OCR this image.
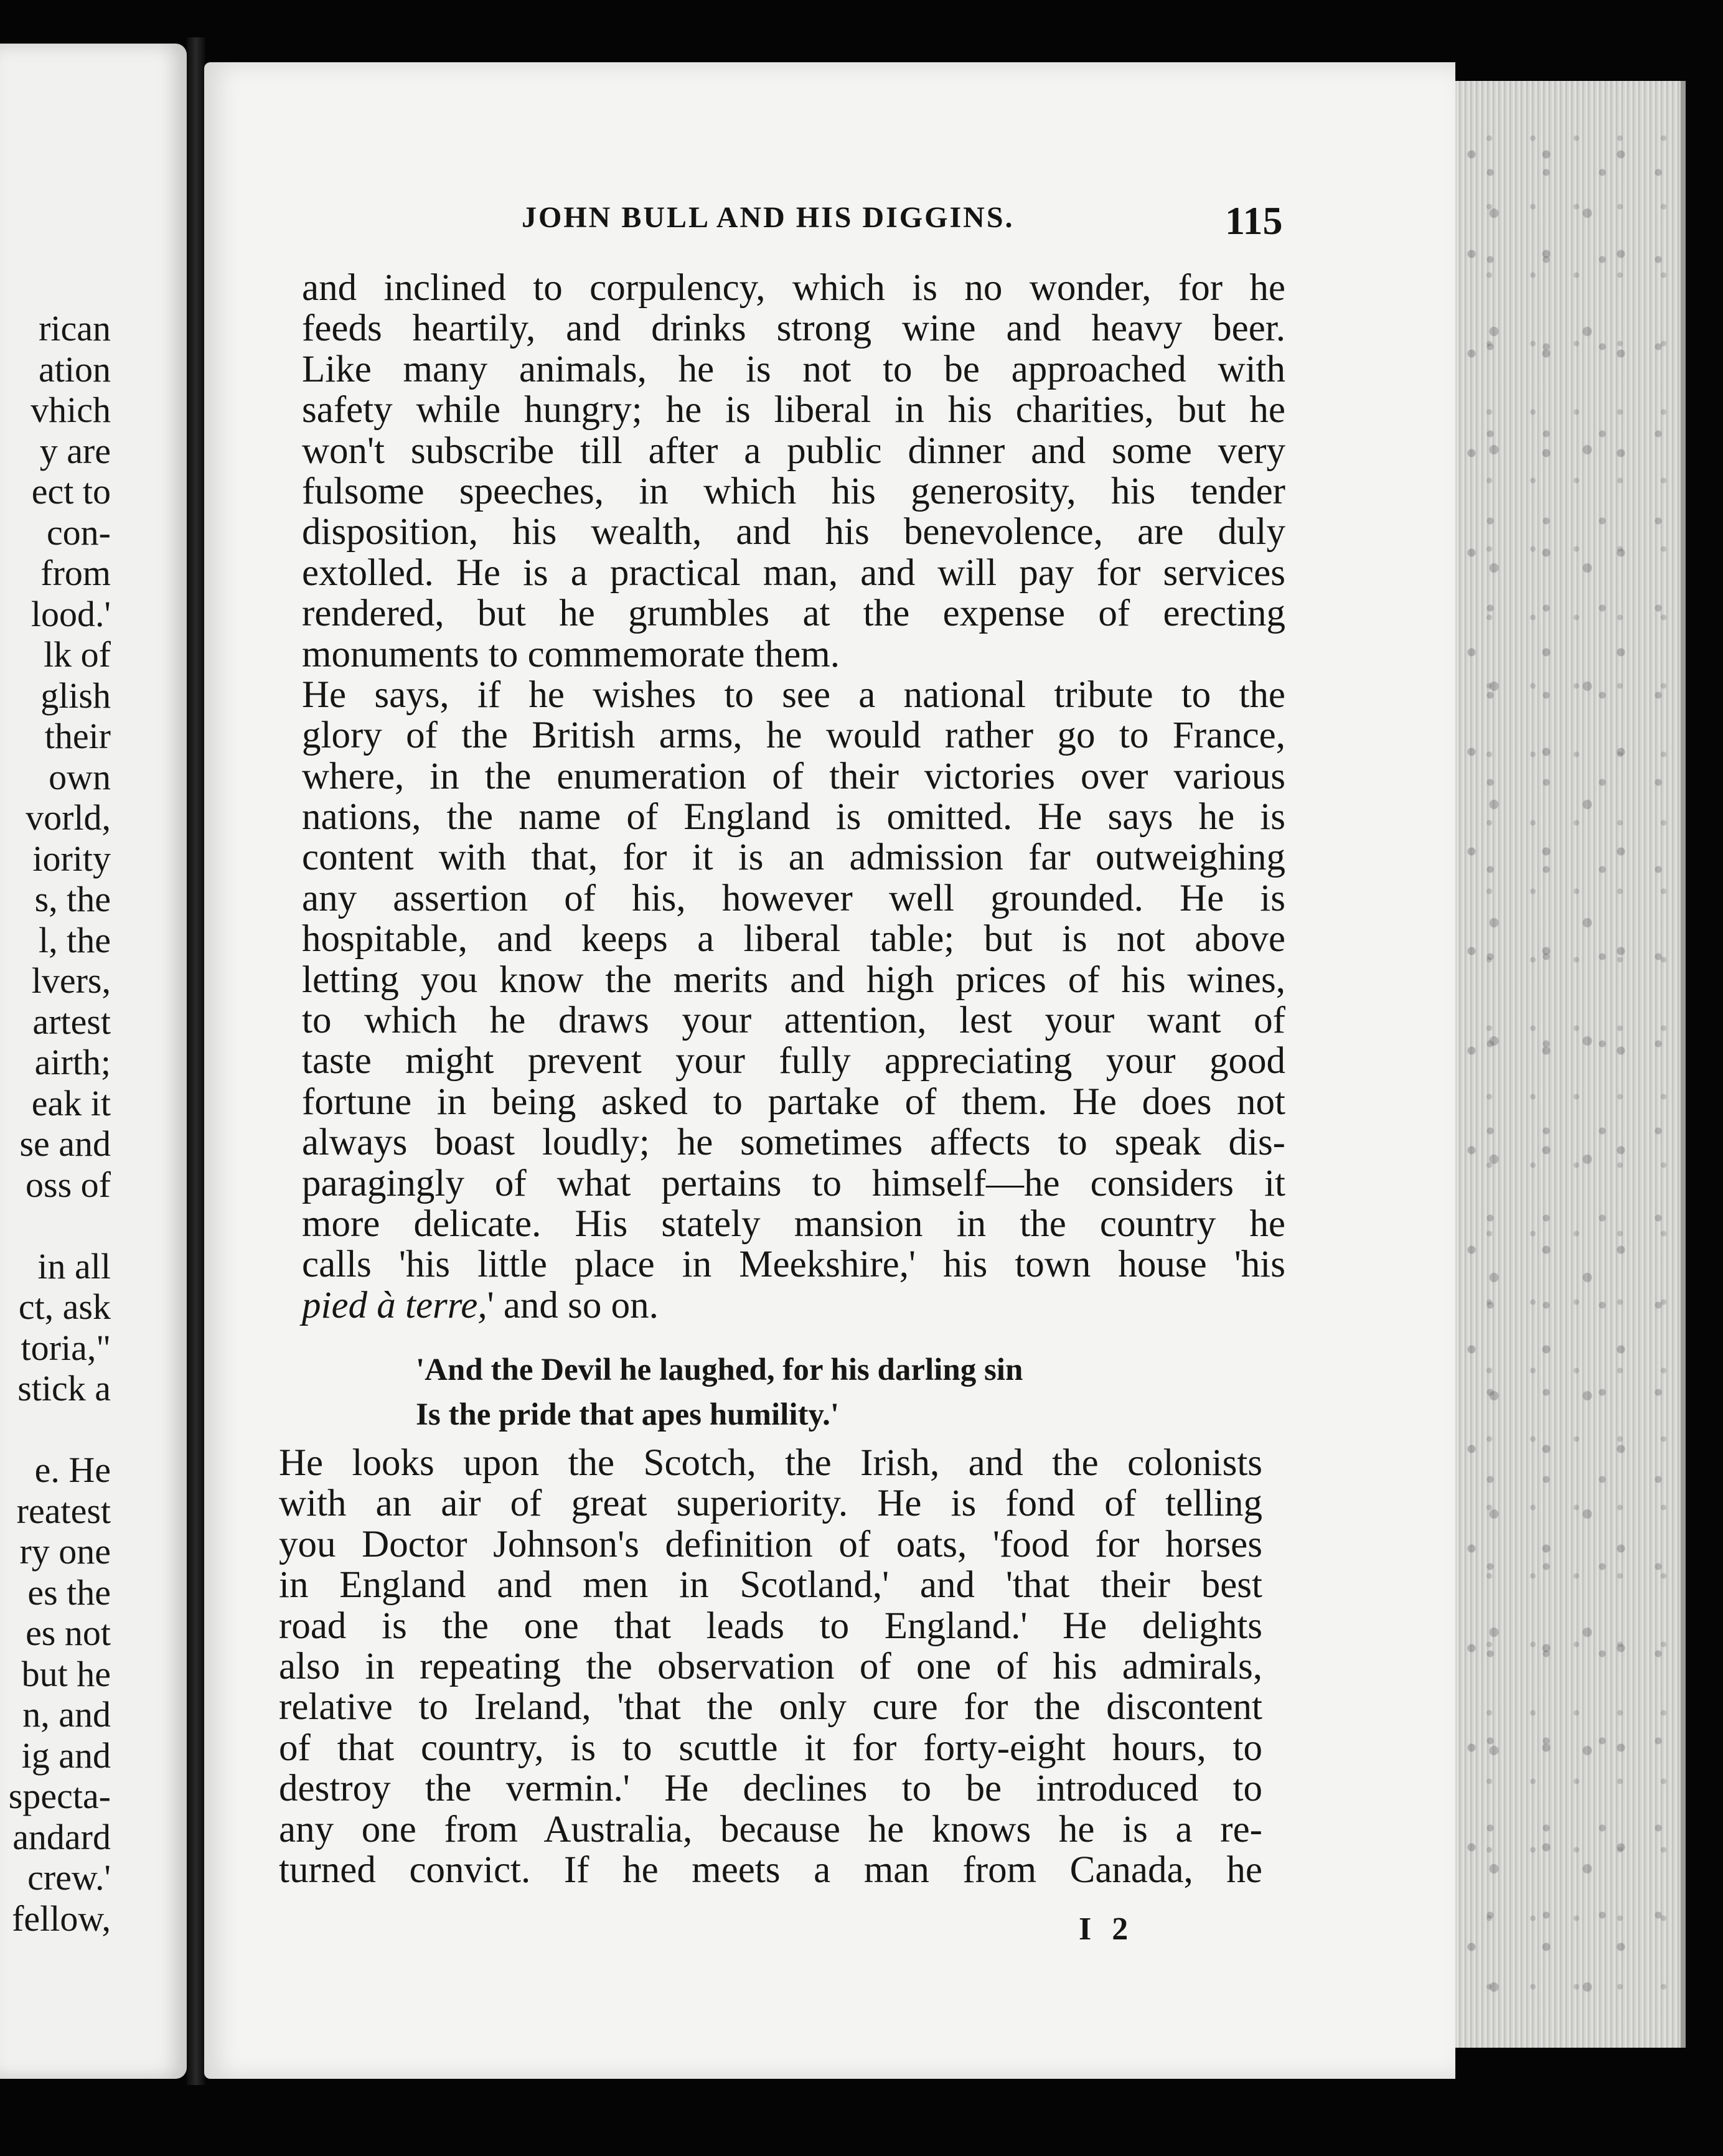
rican
ation
vhich
y are
ect to
con-
from
lood.'
lk of
glish
their
own
vorld,
iority
s, the
l, the
lvers,
artest
airth;
eak it
se and
oss of
in all
ct, ask
toria,"
stick a
e. He
reatest
ry one
es the
es not
but he
n, and
ig and
specta-
andard
crew.'
fellow,
JOHN BULL AND HIS DIGGINS.	115
and inclined to corpulency, which is no wonder, for he
feeds heartily, and drinks strong wine and heavy beer.
Like many animals, he is not to be approached with
safety while hungry; he is liberal in his charities, but he
won't subscribe till after a public dinner and some very
fulsome speeches, in which his generosity, his tender
disposition, his wealth, and his benevolence, are duly
extolled. He is a practical man, and will pay for services
rendered, but he grumbles at the expense of erecting
monuments to commemorate them.
He says, if he wishes to see a national tribute to the
glory of the British arms, he would rather go to France,
where, in the enumeration of their victories over various
nations, the name of England is omitted. He says he is
content with that, for it is an admission far outweighing
any assertion of his, however well grounded. He is
hospitable, and keeps a liberal table; but is not above
letting you know the merits and high prices of his wines,
to which he draws your attention, lest your want of
taste might prevent your fully appreciating your good
fortune in being asked to partake of them. He does not
always boast loudly; he sometimes affects to speak dis-
paragingly of what pertains to himself—he considers it
more delicate. His stately mansion in the country he
calls 'his little place in Meekshire,' his town house 'his
pied à terre,' and so on.
'And the Devil he laughed, for his darling sin
Is the pride that apes humility.'
He looks upon the Scotch, the Irish, and the colonists
with an air of great superiority. He is fond of telling
you Doctor Johnson's definition of oats, 'food for horses
in England and men in Scotland,' and 'that their best
road is the one that leads to England.' He delights
also in repeating the observation of one of his admirals,
relative to Ireland, 'that the only cure for the discontent
of that country, is to scuttle it for forty-eight hours, to
destroy the vermin.' He declines to be introduced to
any one from Australia, because he knows he is a re-
turned convict. If he meets a man from Canada, he
I 2
